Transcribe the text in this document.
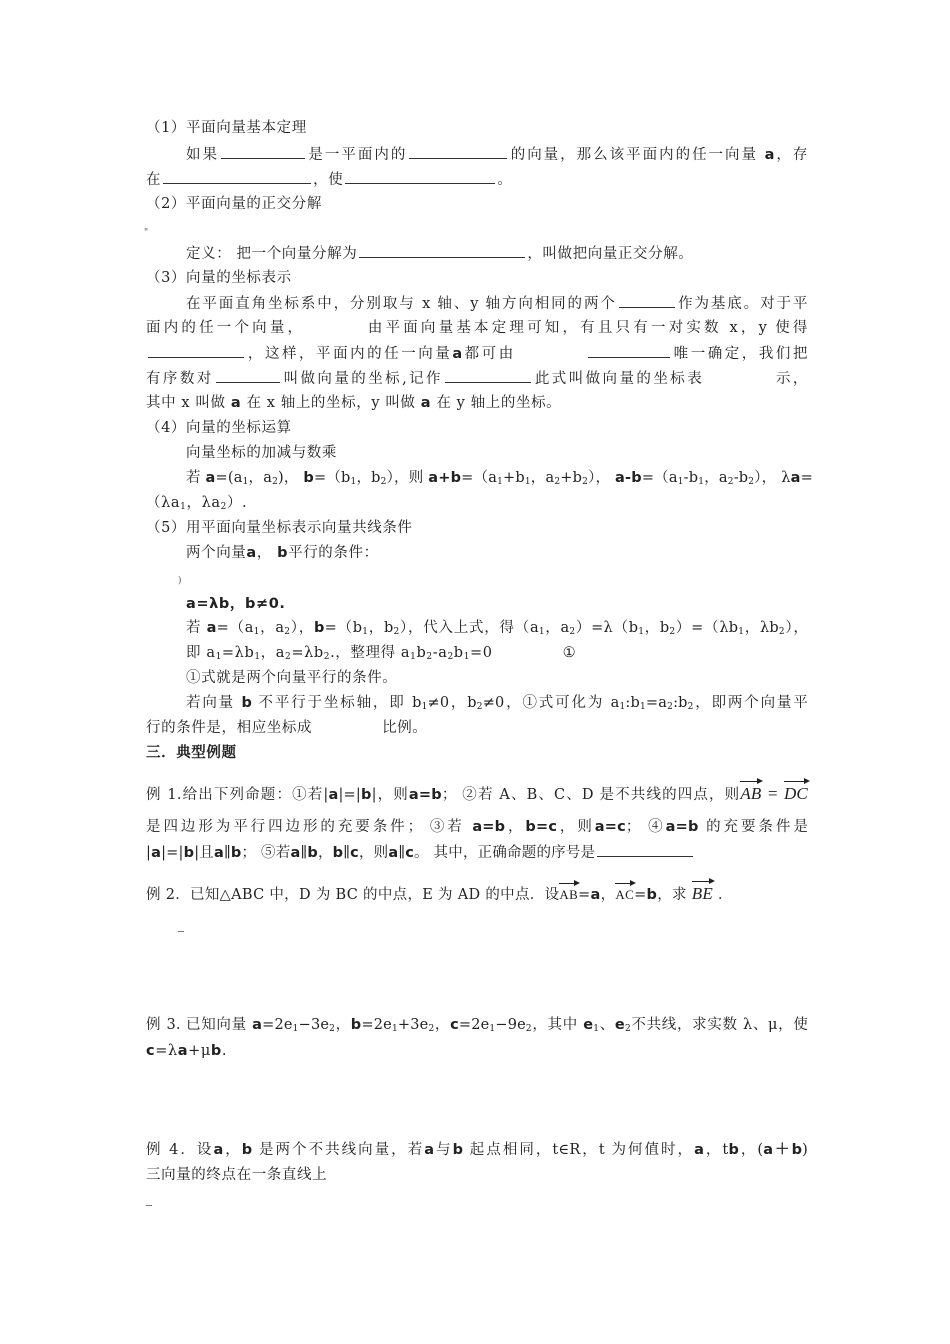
（1）平面向量基本定理
如果	是一平面内的	的向量，那么该平面内的任一向量 a，存
在	，使	。
（2）平面向量的正交分解
"
定义： 把一个向量分解为	，叫做把向量正交分解。
（3）向量的坐标表示
在平面直角坐标系中，分别取与 x 轴、y 轴方向相同的两个	作为基底。对于平
面内的任一个向量，	由平面向量基本定理可知，有且只有一对实数 x，y 使得
，这样，平面内的任一向量a都可由	唯一确定，我们把
有序数对	叫做向量的坐标,记作	此式叫做向量的坐标表	示，
其中 x 叫做 a 在 x 轴上的坐标，y 叫做 a 在 y 轴上的坐标。
（4）向量的坐标运算
向量坐标的加减与数乘
若 $a=(a_1$，$a_2$)， $b=(b_1$，$b_2$），则 $a+b=(a_1+b_1$，$a_2+b_2$）， $a-b=(a_1-b_1$，$a_2-b_2$）， λa=
（$\lambda a_1$，$\lambda a_2$）.
（5）用平面向量坐标表示向量共线条件
两个向量a， b平行的条件：
)
a=λb，b≠0.
若 $a=(a_1$，$a_2$），$b=(b_1$，$b_2$），代入上式，得（$a_1$，$a_2)=\lambda(b_1$，$b_2)=(\lambda b_1$，$\lambda b_2$），
即 $a_1=\lambda b_1$，$a_2=\lambda b_2$.，整理得 $a_1b_2-a_2b_1=0$	①
①式就是两个向量平行的条件。
若向量 b 不平行于坐标轴，即 $b_1\ne 0$，$b_2\ne 0$，①式可化为 $a_1:b_1=a_2:b_2$，即两个向量平
行的条件是，相应坐标成	比例。
三．典型例题
例 1.给出下列命题：①若|a|=|b|，则a=b； ②若 A、B、C、D 是不共线的四点，则AB = DC
是四边形为平行四边形的充要条件； ③若 a=b，b=c，则a=c； ④a=b 的充要条件是
|a|=|b|且a∥b； ⑤若a∥b，b∥c，则a∥c。 其中，正确命题的序号是
例 2．已知△ABC 中，D 为 BC 的中点，E 为 AD 的中点．设AB=a，AC=b，求 BE ．
例 3. 已知向量 $a=2e_1-3e_2$，$b=2e_1+3e_2$，$c=2e_1-9e_2$，其中 $e_1$、$e_2$不共线，求实数 λ、μ，使
c=λa+μb.
例 4．设a，b 是两个不共线向量，若a与b 起点相同，t∈R，t 为何值时，a，tb，(a＋b)
三向量的终点在一条直线上
